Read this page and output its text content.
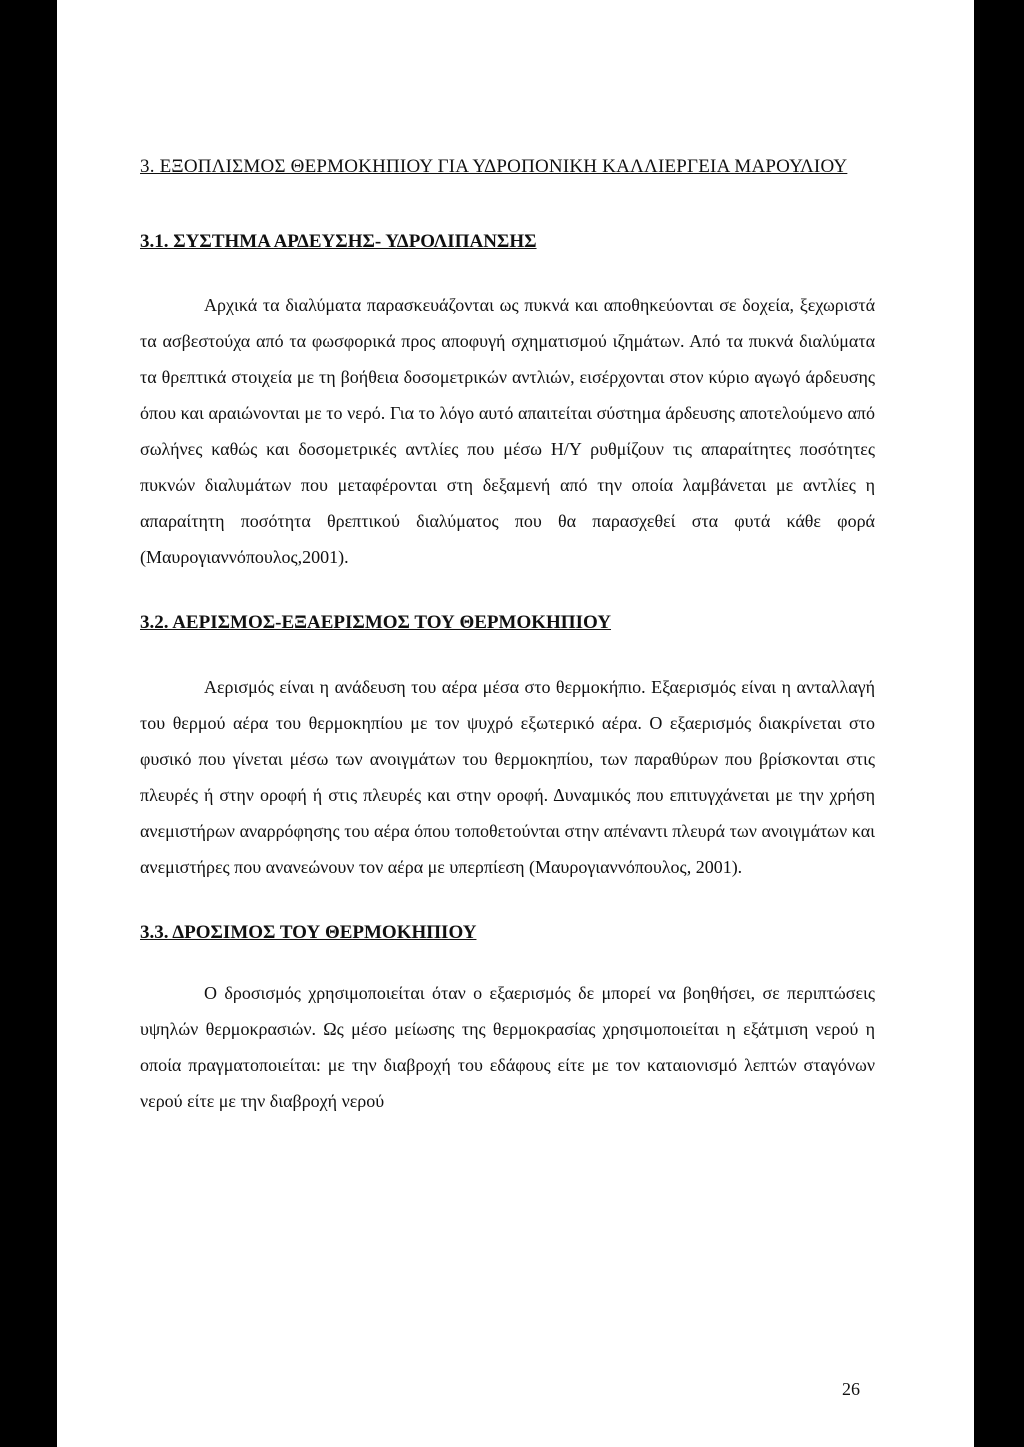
3. ΕΞΟΠΛΙΣΜΟΣ ΘΕΡΜΟΚΗΠΙΟΥ ΓΙΑ ΥΔΡΟΠΟΝΙΚΗ ΚΑΛΛΙΕΡΓΕΙΑ ΜΑΡΟΥΛΙΟΥ
3.1. ΣΥΣΤΗΜΑ ΑΡΔΕΥΣΗΣ- ΥΔΡΟΛΙΠΑΝΣΗΣ

Αρχικά τα διαλύματα παρασκευάζονται ως πυκνά και αποθηκεύονται σε δοχεία, ξεχωριστά τα ασβεστούχα από τα φωσφορικά προς αποφυγή σχηματισμού ιζημάτων. Από τα πυκνά διαλύματα τα θρεπτικά στοιχεία με τη βοήθεια δοσομετρικών αντλιών, εισέρχονται στον κύριο αγωγό άρδευσης όπου και αραιώνονται με το νερό. Για το λόγο αυτό απαιτείται σύστημα άρδευσης αποτελούμενο από σωλήνες καθώς και δοσομετρικές αντλίες που μέσω Η/Υ ρυθμίζουν τις απαραίτητες ποσότητες πυκνών διαλυμάτων που μεταφέρονται στη δεξαμενή από την οποία λαμβάνεται με αντλίες η απαραίτητη ποσότητα θρεπτικού διαλύματος που θα παρασχεθεί στα φυτά κάθε φορά (Μαυρογιαννόπουλος,2001).

3.2. ΑΕΡΙΣΜΟΣ-ΕΞΑΕΡΙΣΜΟΣ ΤΟΥ ΘΕΡΜΟΚΗΠΙΟΥ

Αερισμός είναι η ανάδευση του αέρα μέσα στο θερμοκήπιο. Εξαερισμός είναι η ανταλλαγή του θερμού αέρα του θερμοκηπίου με τον ψυχρό εξωτερικό αέρα. Ο εξαερισμός διακρίνεται στο φυσικό που γίνεται μέσω των ανοιγμάτων του θερμοκηπίου, των παραθύρων που βρίσκονται στις πλευρές ή στην οροφή ή στις πλευρές και στην οροφή. Δυναμικός που επιτυγχάνεται με την χρήση ανεμιστήρων αναρρόφησης του αέρα όπου τοποθετούνται στην απέναντι πλευρά των ανοιγμάτων και ανεμιστήρες που ανανεώνουν τον αέρα με υπερπίεση (Μαυρογιαννόπουλος, 2001).

3.3. ΔΡΟΣΙΜΟΣ ΤΟΥ ΘΕΡΜΟΚΗΠΙΟΥ

Ο δροσισμός χρησιμοποιείται όταν ο εξαερισμός δε μπορεί να βοηθήσει, σε περιπτώσεις υψηλών θερμοκρασιών. Ως μέσο μείωσης της θερμοκρασίας χρησιμοποιείται η εξάτμιση νερού η οποία πραγματοποιείται: με την διαβροχή του εδάφους είτε με τον καταιονισμό λεπτών σταγόνων νερού είτε με την διαβροχή νερού

26
